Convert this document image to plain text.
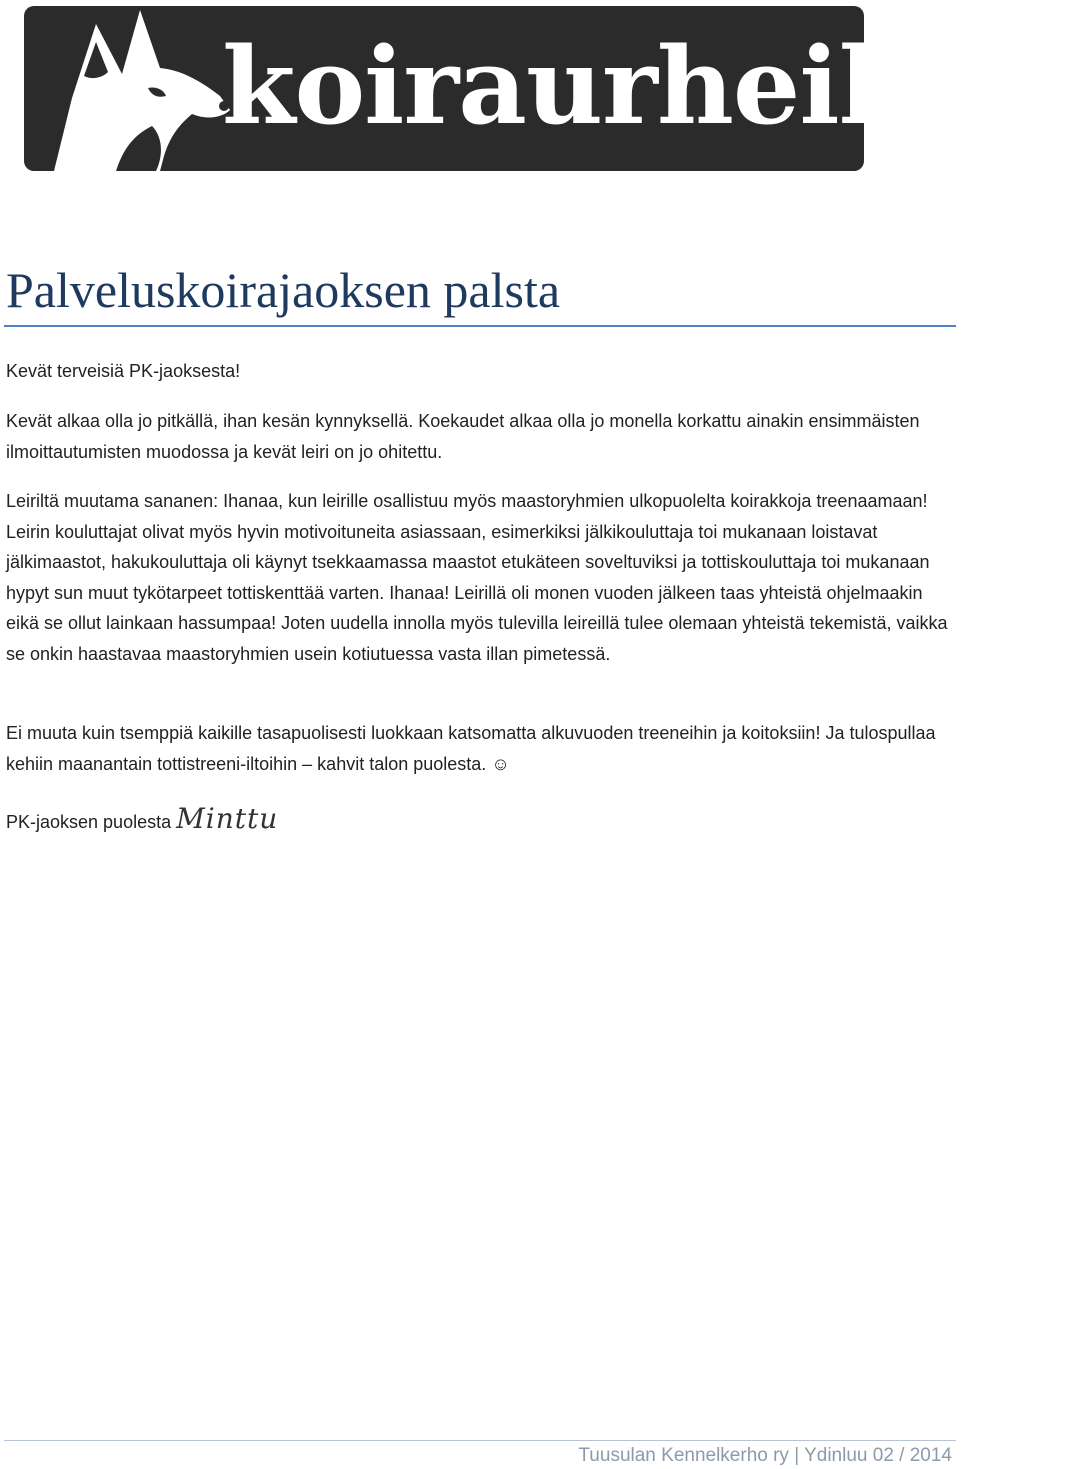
koiraurheilu.fi
Palveluskoirajaoksen palsta

Kevät terveisiä PK-jaoksesta!

Kevät alkaa olla jo pitkällä, ihan kesän kynnyksellä. Koekaudet alkaa olla jo monella korkattu ainakin ensimmäisten ilmoittautumisten muodossa ja kevät leiri on jo ohitettu.

Leiriltä muutama sananen: Ihanaa, kun leirille osallistuu myös maastoryhmien ulkopuolelta koirakkoja treenaamaan! Leirin kouluttajat olivat myös hyvin motivoituneita asiassaan, esimerkiksi jälkikouluttaja toi mukanaan loistavat jälkimaastot, hakukouluttaja oli käynyt tsekkaamassa maastot etukäteen soveltuviksi ja tottiskouluttaja toi mukanaan hypyt sun muut tykötarpeet tottiskenttää varten. Ihanaa! Leirillä oli monen vuoden jälkeen taas yhteistä ohjelmaakin eikä se ollut lainkaan hassumpaa! Joten uudella innolla myös tulevilla leireillä tulee olemaan yhteistä tekemistä, vaikka se onkin haastavaa maastoryhmien usein kotiutuessa vasta illan pimetessä.

Ei muuta kuin tsemppiä kaikille tasapuolisesti luokkaan katsomatta alkuvuoden treeneihin ja koitoksiin! Ja tulospullaa kehiin maanantain tottistreeni-iltoihin – kahvit talon puolesta. ☺

PK-jaoksen puolesta Minttu

Tuusulan Kennelkerho ry | Ydinluu 02 / 2014
